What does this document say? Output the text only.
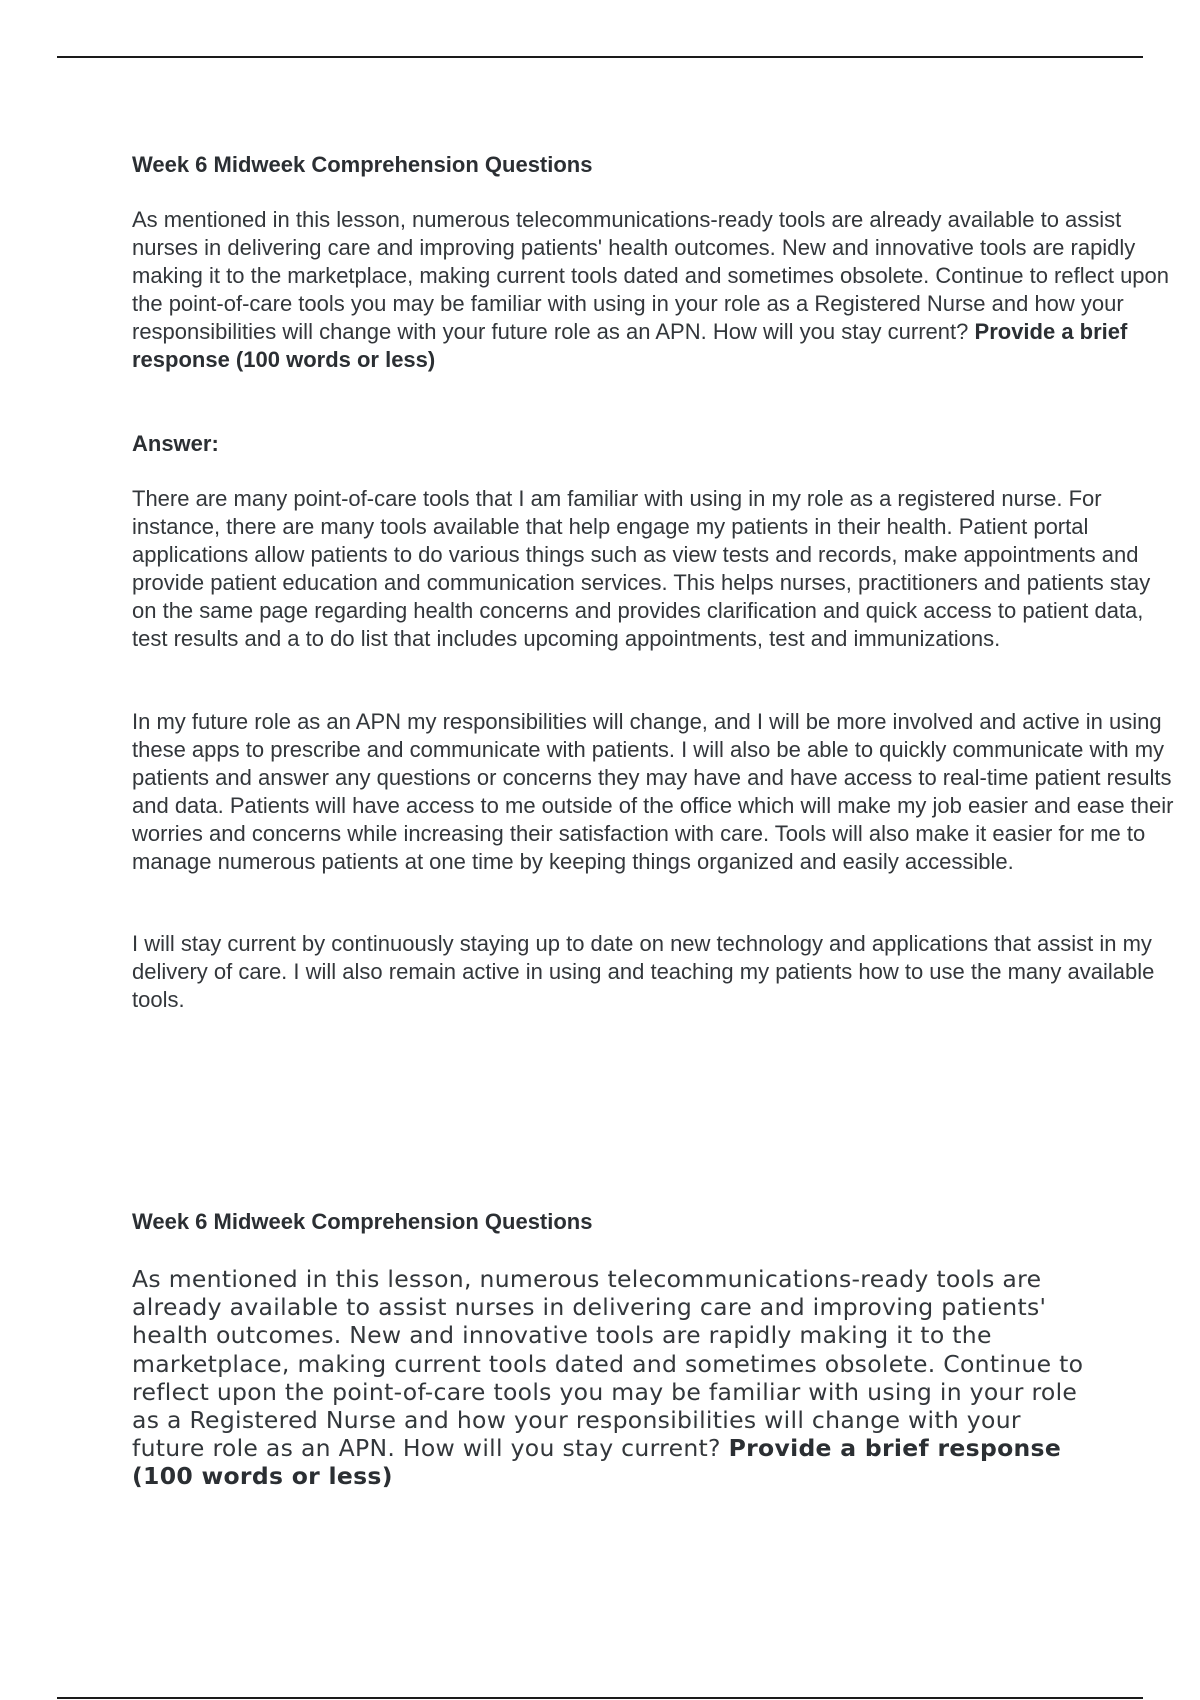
Week 6 Midweek Comprehension Questions

As mentioned in this lesson, numerous telecommunications-ready tools are already available to assist nurses in delivering care and improving patients' health outcomes. New and innovative tools are rapidly making it to the marketplace, making current tools dated and sometimes obsolete. Continue to reflect upon the point-of-care tools you may be familiar with using in your role as a Registered Nurse and how your responsibilities will change with your future role as an APN. How will you stay current? Provide a brief response (100 words or less)

Answer:

There are many point-of-care tools that I am familiar with using in my role as a registered nurse. For instance, there are many tools available that help engage my patients in their health. Patient portal applications allow patients to do various things such as view tests and records, make appointments and provide patient education and communication services. This helps nurses, practitioners and patients stay on the same page regarding health concerns and provides clarification and quick access to patient data, test results and a to do list that includes upcoming appointments, test and immunizations.

In my future role as an APN my responsibilities will change, and I will be more involved and active in using these apps to prescribe and communicate with patients. I will also be able to quickly communicate with my patients and answer any questions or concerns they may have and have access to real-time patient results and data. Patients will have access to me outside of the office which will make my job easier and ease their worries and concerns while increasing their satisfaction with care. Tools will also make it easier for me to manage numerous patients at one time by keeping things organized and easily accessible.

I will stay current by continuously staying up to date on new technology and applications that assist in my delivery of care. I will also remain active in using and teaching my patients how to use the many available tools.

Week 6 Midweek Comprehension Questions

As mentioned in this lesson, numerous telecommunications-ready tools are already available to assist nurses in delivering care and improving patients' health outcomes. New and innovative tools are rapidly making it to the marketplace, making current tools dated and sometimes obsolete. Continue to reflect upon the point-of-care tools you may be familiar with using in your role as a Registered Nurse and how your responsibilities will change with your future role as an APN. How will you stay current? Provide a brief response (100 words or less)
